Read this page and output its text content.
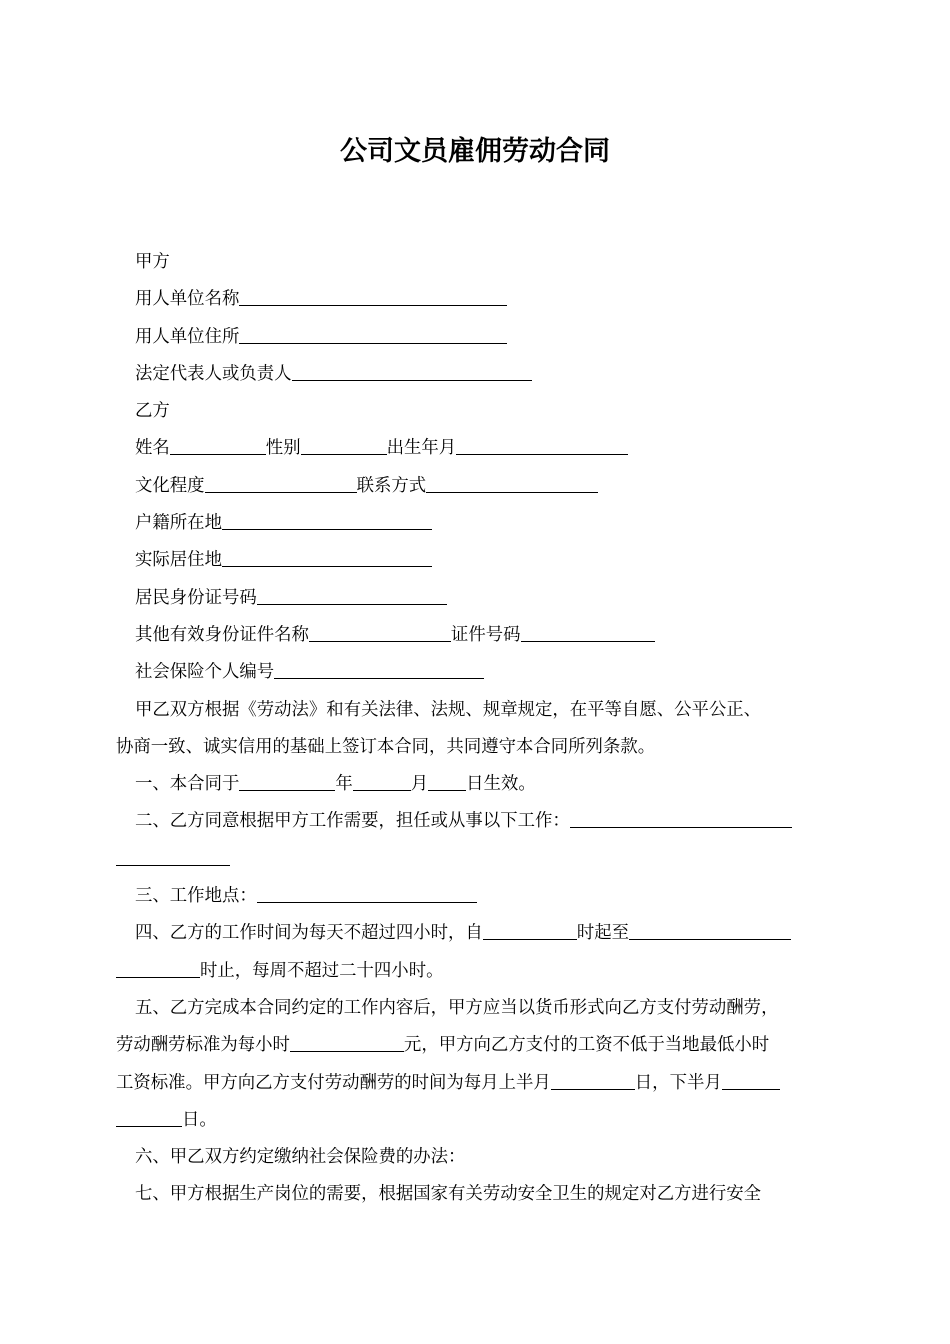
公司文员雇佣劳动合同
甲方
用人单位名称
用人单位住所
法定代表人或负责人
乙方
姓名	性别	出生年月
文化程度	联系方式
户籍所在地
实际居住地
居民身份证号码
其他有效身份证件名称	证件号码
社会保险个人编号
甲乙双方根据《劳动法》和有关法律、法规、规章规定，在平等自愿、公平公正、
协商一致、诚实信用的基础上签订本合同，共同遵守本合同所列条款。
一、本合同于	年	月 日生效。
二、乙方同意根据甲方工作需要，担任或从事以下工作：
三、工作地点：
四、乙方的工作时间为每天不超过四小时，自	时起至
时止，每周不超过二十四小时。
五、乙方完成本合同约定的工作内容后，甲方应当以货币形式向乙方支付劳动酬劳，
劳动酬劳标准为每小时	元，甲方向乙方支付的工资不低于当地最低小时
工资标准。甲方向乙方支付劳动酬劳的时间为每月上半月	日，下半月
日。
六、甲乙双方约定缴纳社会保险费的办法：
七、甲方根据生产岗位的需要，根据国家有关劳动安全卫生的规定对乙方进行安全
